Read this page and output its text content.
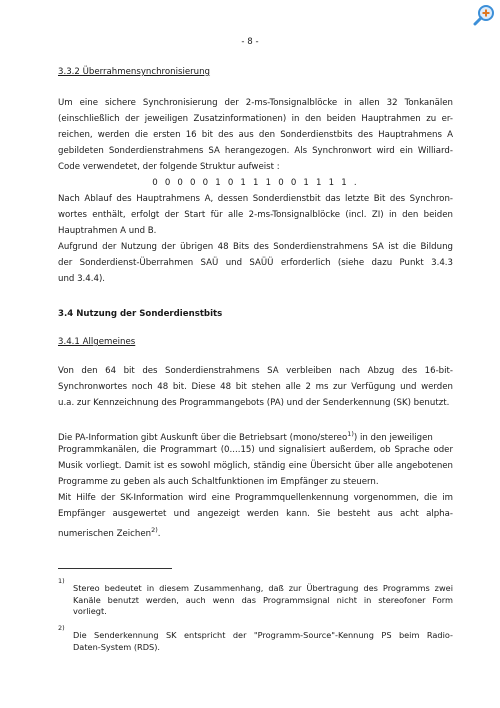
- 8 -
3.3.2 Überrahmensynchronisierung
Um eine sichere Synchronisierung der 2-ms-Tonsignalblöcke in allen 32 Tonkanälen
(einschließlich der jeweiligen Zusatzinformationen) in den beiden Hauptrahmen zu er-
reichen, werden die ersten 16 bit des aus den Sonderdienstbits des Hauptrahmens A
gebildeten Sonderdienstrahmens SA herangezogen. Als Synchronwort wird ein Williard-
Code verwendetet, der folgende Struktur aufweist :
0 0 0 0 0 1 0 1 1 1 0 0 1 1 1 1 .
Nach Ablauf des Hauptrahmens A, dessen Sonderdienstbit das letzte Bit des Synchron-
wortes enthält, erfolgt der Start für alle 2-ms-Tonsignalblöcke (incl. ZI) in den beiden
Hauptrahmen A und B.
Aufgrund der Nutzung der übrigen 48 Bits des Sonderdienstrahmens SA ist die Bildung
der Sonderdienst-Überrahmen SAÜ und SAÜÜ erforderlich (siehe dazu Punkt 3.4.3
und 3.4.4).
3.4 Nutzung der Sonderdienstbits
3.4.1 Allgemeines
Von den 64 bit des Sonderdienstrahmens SA verbleiben nach Abzug des 16-bit-
Synchronwortes noch 48 bit. Diese 48 bit stehen alle 2 ms zur Verfügung und werden
u.a. zur Kennzeichnung des Programmangebots (PA) und der Senderkennung (SK) benutzt.
Die PA-Information gibt Auskunft über die Betriebsart (mono/stereo$^{1)}$) in den jeweiligen
Programmkanälen, die Programmart (0....15) und signalisiert außerdem, ob Sprache oder
Musik vorliegt. Damit ist es sowohl möglich, ständig eine Übersicht über alle angebotenen
Programme zu geben als auch Schaltfunktionen im Empfänger zu steuern.
Mit Hilfe der SK-Information wird eine Programmquellenkennung vorgenommen, die im
Empfänger ausgewertet und angezeigt werden kann. Sie besteht aus acht alpha-
numerischen Zeichen$^{2)}$.
1)
Stereo bedeutet in diesem Zusammenhang, daß zur Übertragung des Programms zwei
Kanäle benutzt werden, auch wenn das Programmsignal nicht in stereofoner Form
vorliegt.
2)
Die Senderkennung SK entspricht der "Programm-Source"-Kennung PS beim Radio-
Daten-System (RDS).
